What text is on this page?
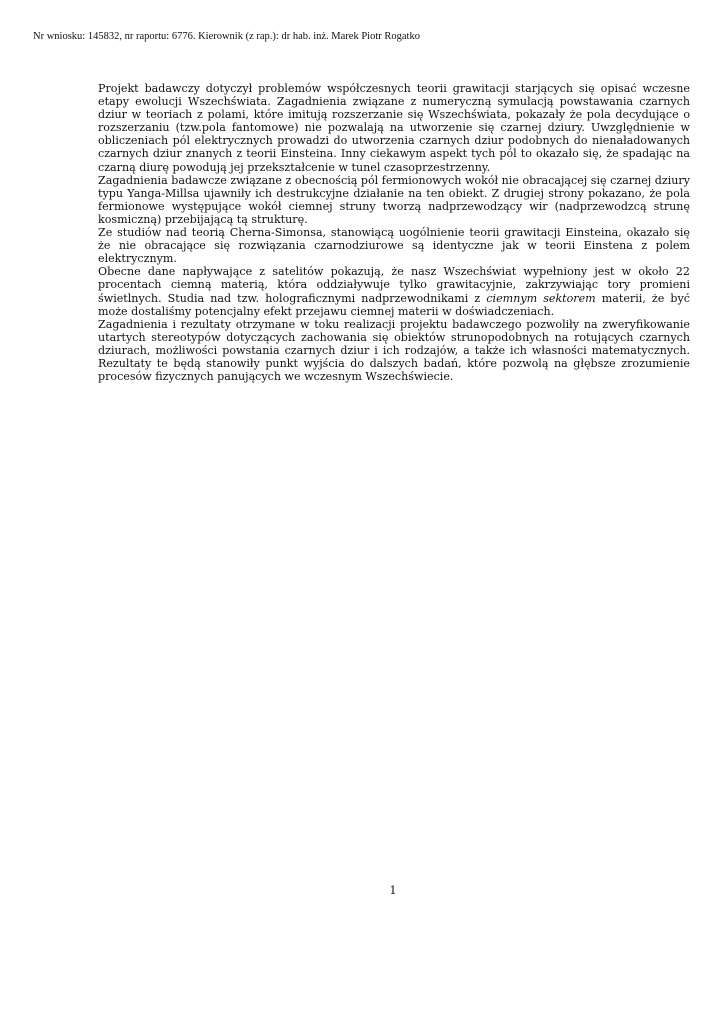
Nr wniosku: 145832, nr raportu: 6776. Kierownik (z rap.): dr hab. inż. Marek Piotr Rogatko

Projekt badawczy dotyczył problemów współczesnych teorii grawitacji starjących się opisać wczesne etapy ewolucji Wszechświata. Zagadnienia związane z numeryczną symulacją powstawania czarnych dziur w teoriach z polami, które imitują rozszerzanie się Wszechświata, pokazały że pola decydujące o rozszerzaniu (tzw.pola fantomowe) nie pozwalają na utworzenie się czarnej dziury. Uwzględnienie w obliczeniach pól elektrycznych prowadzi do utworzenia czarnych dziur podobnych do nienaładowanych czarnych dziur znanych z teorii Einsteina. Inny ciekawym aspekt tych pól to okazało się, że spadając na czarną diurę powodują jej przekształcenie w tunel czasoprzestrzenny.

Zagadnienia badawcze związane z obecnością pól fermionowych wokół nie obracającej się czarnej dziury typu Yanga-Millsa ujawniły ich destrukcyjne działanie na ten obiekt. Z drugiej strony pokazano, że pola fermionowe występujące wokół ciemnej struny tworzą nadprzewodzący wir (nadprzewodzcą strunę kosmiczną) przebijającą tą strukturę.

Ze studiów nad teorią Cherna-Simonsa, stanowiącą uogólnienie teorii grawitacji Einsteina, okazało się że nie obracające się rozwiązania czarnodziurowe są identyczne jak w teorii Einstena z polem elektrycznym.

Obecne dane napływające z satelitów pokazują, że nasz Wszechświat wypełniony jest w około 22 procentach ciemną materią, która oddziaływuje tylko grawitacyjnie, zakrzywiając tory promieni świetlnych. Studia nad tzw. holograficznymi nadprzewodnikami z ciemnym sektorem materii, że być może dostaliśmy potencjalny efekt przejawu ciemnej materii w doświadczeniach.

Zagadnienia i rezultaty otrzymane w toku realizacji projektu badawczego pozwoliły na zweryfikowanie utartych stereotypów dotyczących zachowania się obiektów strunopodobnych na rotujących czarnych dziurach, możliwości powstania czarnych dziur i ich rodzajów, a także ich własności matematycznych. Rezultaty te będą stanowiły punkt wyjścia do dalszych badań, które pozwolą na głębsze zrozumienie procesów fizycznych panujących we wczesnym Wszechświecie.

1
